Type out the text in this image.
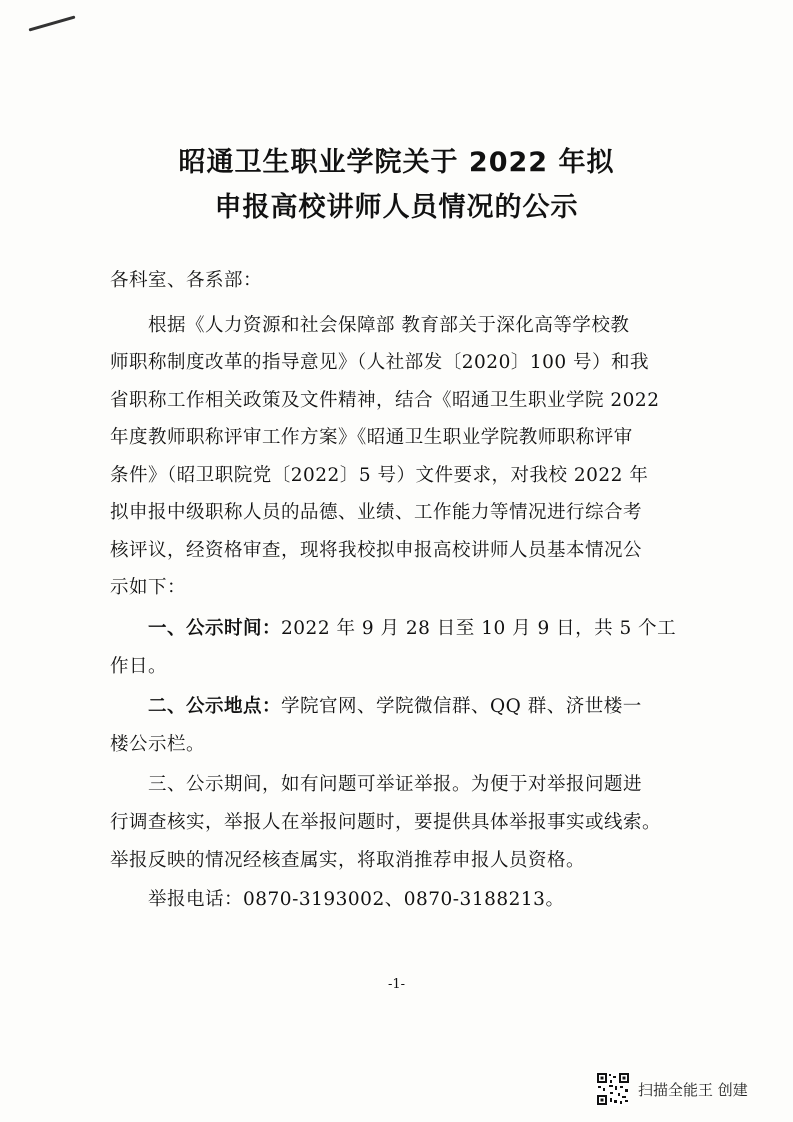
昭通卫生职业学院关于 2022 年拟
申报高校讲师人员情况的公示
各科室、各系部：
根据《人力资源和社会保障部 教育部关于深化高等学校教
师职称制度改革的指导意见》（人社部发〔2020〕100 号）和我
省职称工作相关政策及文件精神，结合《昭通卫生职业学院 2022
年度教师职称评审工作方案》《昭通卫生职业学院教师职称评审
条件》（昭卫职院党〔2022〕5 号）文件要求，对我校 2022 年
拟申报中级职称人员的品德、业绩、工作能力等情况进行综合考
核评议，经资格审查，现将我校拟申报高校讲师人员基本情况公
示如下：
一、公示时间：2022 年 9 月 28 日至 10 月 9 日，共 5 个工
作日。
二、公示地点：学院官网、学院微信群、QQ 群、济世楼一
楼公示栏。
三、公示期间，如有问题可举证举报。为便于对举报问题进
行调查核实，举报人在举报问题时，要提供具体举报事实或线索。
举报反映的情况经核查属实，将取消推荐申报人员资格。
举报电话：0870-3193002、0870-3188213。
-1-
扫描全能王 创建
